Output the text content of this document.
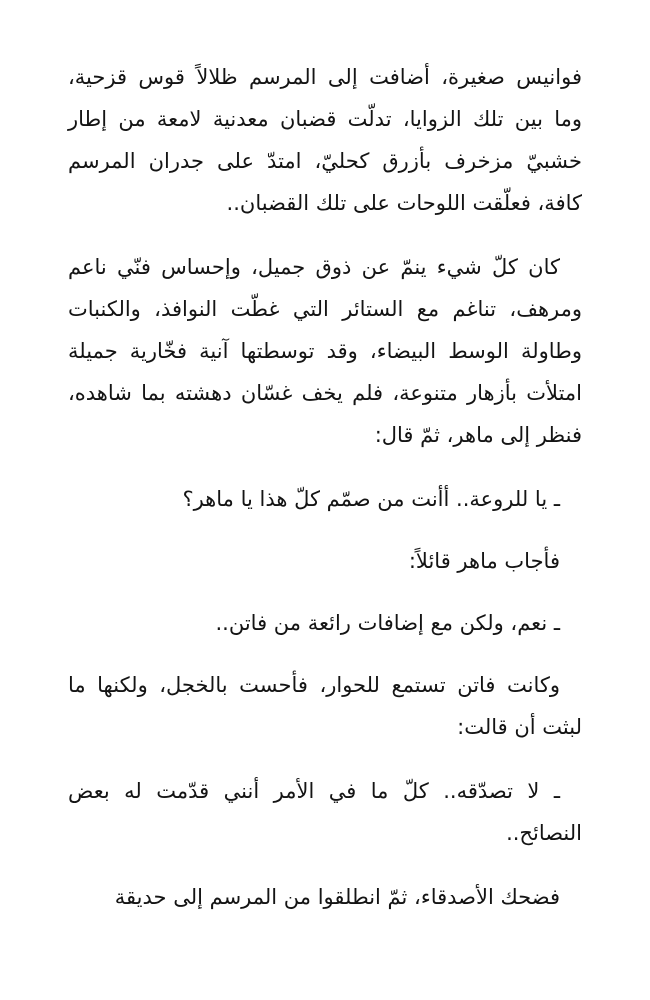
فوانيس صغيرة، أضافت إلى المرسم ظلالاً قوس قزحية، وما بين تلك الزوايا، تدلّت قضبان معدنية لامعة من إطار خشبيّ مزخرف بأزرق كحليّ، امتدّ على جدران المرسم كافة، فعلّقت اللوحات على تلك القضبان..

كان كلّ شيء ينمّ عن ذوق جميل، وإحساس فنّي ناعم ومرهف، تناغم مع الستائر التي غطّت النوافذ، والكنبات وطاولة الوسط البيضاء، وقد توسطتها آنية فخّارية جميلة امتلأت بأزهار متنوعة، فلم يخف غسّان دهشته بما شاهده، فنظر إلى ماهر، ثمّ قال:

ـ يا للروعة.. أأنت من صمّم كلّ هذا يا ماهر؟

فأجاب ماهر قائلاً:

ـ نعم، ولكن مع إضافات رائعة من فاتن..

وكانت فاتن تستمع للحوار، فأحست بالخجل، ولكنها ما لبثت أن قالت:

ـ لا تصدّقه.. كلّ ما في الأمر أنني قدّمت له بعض النصائح..

فضحك الأصدقاء، ثمّ انطلقوا من المرسم إلى حديقة
